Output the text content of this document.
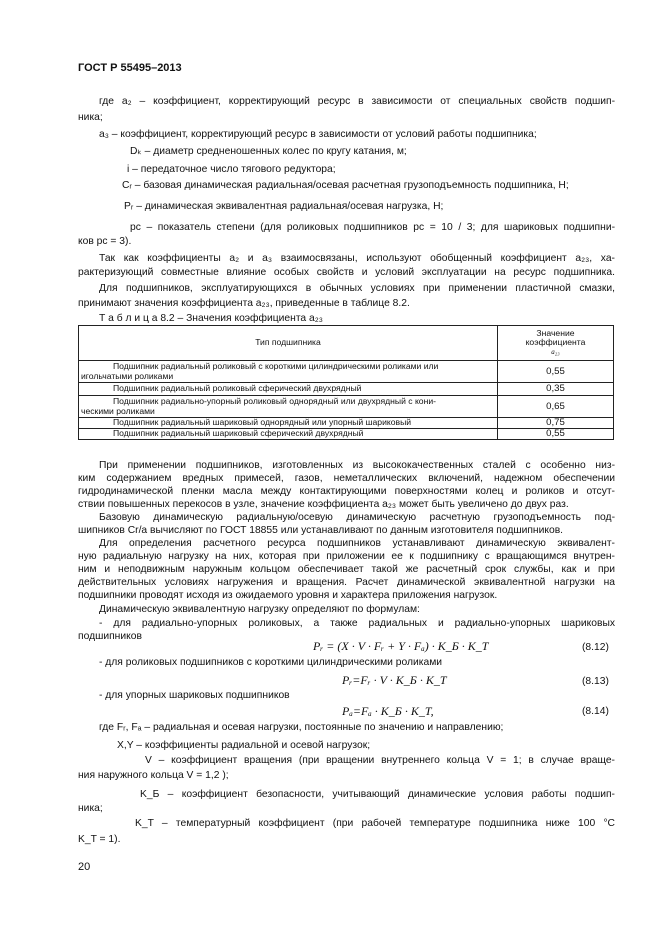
ГОСТ Р 55495–2013
где a₂ – коэффициент, корректирующий ресурс в зависимости от специальных свойств подшип-
ника;
a₃ – коэффициент, корректирующий ресурс в зависимости от условий работы подшипника;
Dₖ – диаметр средненошенных колес по кругу катания, м;
i – передаточное число тягового редуктора;
Cᵣ – базовая динамическая радиальная/осевая расчетная грузоподъемность подшипника, Н;
Pᵣ – динамическая эквивалентная радиальная/осевая нагрузка, Н;
pc – показатель степени (для роликовых подшипников pc = 10 / 3; для шариковых подшипни-
ков pc = 3).
Так как коэффициенты a₂ и a₃ взаимосвязаны, используют обобщенный коэффициент a₂₃, ха-
рактеризующий совместные влияние особых свойств и условий эксплуатации на ресурс подшипника.
Для подшипников, эксплуатирующихся в обычных условиях при применении пластичной смазки,
принимают значения коэффициента a₂₃, приведенные в таблице 8.2.
Т а б л и ц а 8.2 – Значения коэффициента a₂₃
Тип подшипника	Значение
коэффициента
a₂₃

Подшипник радиальный роликовый с короткими цилиндрическими роликами или
игольчатыми роликами	0,55

Подшипник радиальный роликовый сферический двухрядный	0,35

Подшипник радиально-упорный роликовый однорядный или двухрядный с кони-
ческими роликами	0,65

Подшипник радиальный шариковый однорядный или упорный шариковый	0,75

Подшипник радиальный шариковый сферический двухрядный	0,55
При применении подшипников, изготовленных из высококачественных сталей с особенно низ-
ким содержанием вредных примесей, газов, неметаллических включений, надежном обеспечении
гидродинамической пленки масла между контактирующими поверхностями колец и роликов и отсут-
ствии повышенных перекосов в узле, значение коэффициента a₂₃ может быть увеличено до двух раз.
Базовую динамическую радиальную/осевую динамическую расчетную грузоподъемность под-
шипников Cr/a вычисляют по ГОСТ 18855 или устанавливают по данным изготовителя подшипников.
Для определения расчетного ресурса подшипников устанавливают динамическую эквивалент-
ную радиальную нагрузку на них, которая при приложении ее к подшипнику с вращающимся внутрен-
ним и неподвижным наружным кольцом обеспечивает такой же расчетный срок службы, как и при
действительных условиях нагружения и вращения. Расчет динамической эквивалентной нагрузки на
подшипники проводят исходя из ожидаемого уровня и характера приложения нагрузок.
Динамическую эквивалентную нагрузку определяют по формулам:
- для радиально-упорных роликовых, а также радиальных и радиально-упорных шариковых
подшипников
Pᵣ = (X · V · Fᵣ + Y · Fₐ) · K_Б · K_T	(8.12)
- для роликовых подшипников с короткими цилиндрическими роликами
Pᵣ=Fᵣ · V · K_Б · K_T	(8.13)
- для упорных шариковых подшипников
Pₐ=Fₐ · K_Б · K_T,	(8.14)
где Fᵣ, Fₐ – радиальная и осевая нагрузки, постоянные по значению и направлению;
X,Y – коэффициенты радиальной и осевой нагрузок;
V – коэффициент вращения (при вращении внутреннего кольца V = 1; в случае враще-
ния наружного кольца V = 1,2 );
K_Б – коэффициент безопасности, учитывающий динамические условия работы подшип-
ника;
K_T – температурный коэффициент (при рабочей температуре подшипника ниже 100 °С
K_T = 1).
20
